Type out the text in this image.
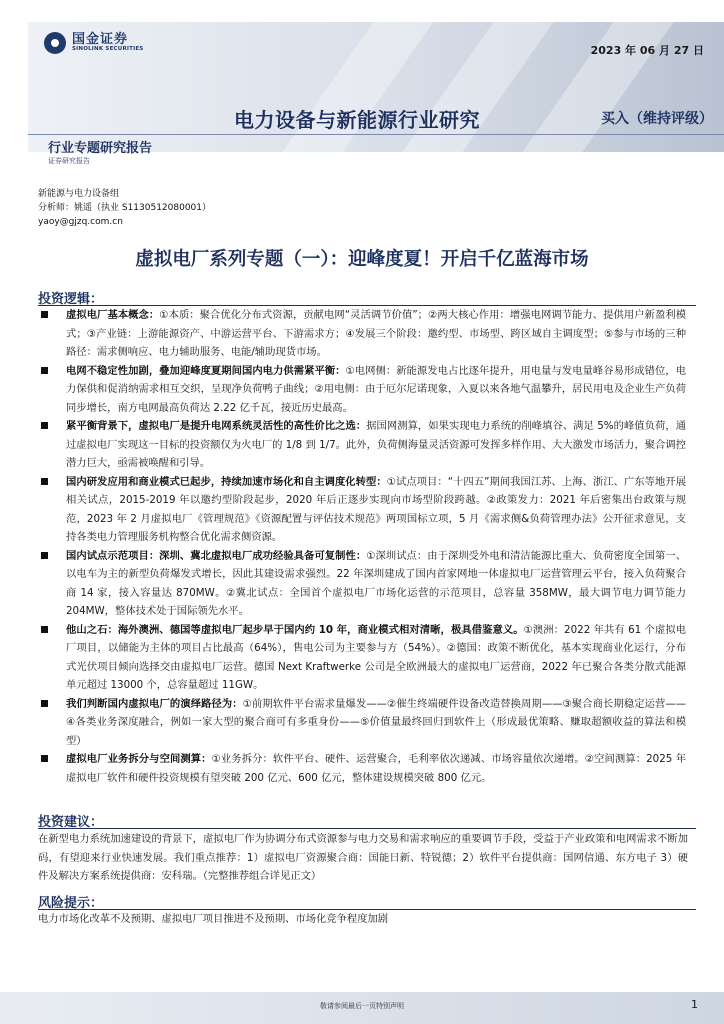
国金证券
SINOLINK SECURITIES	2023 年 06 月 27 日
电力设备与新能源行业研究	买入（维持评级）
行业专题研究报告
证券研究报告
新能源与电力设备组
分析师：姚遥（执业 S1130512080001）
yaoy@gjzq.com.cn
虚拟电厂系列专题（一）：迎峰度夏！开启千亿蓝海市场
投资逻辑：

虚拟电厂基本概念：①本质：聚合优化分布式资源，贡献电网“灵活调节价值”；②两大核心作用：增强电网调节能力、提供用户新盈利模式；③产业链：上游能源资产、中游运营平台、下游需求方；④发展三个阶段：邀约型、市场型、跨区域自主调度型；⑤参与市场的三种路径：需求侧响应、电力辅助服务、电能/辅助现货市场。

电网不稳定性加剧，叠加迎峰度夏期间国内电力供需紧平衡：①电网侧：新能源发电占比逐年提升，用电量与发电量峰谷易形成错位，电力保供和促消纳需求相互交织，呈现净负荷鸭子曲线；②用电侧：由于厄尔尼诺现象，入夏以来各地气温攀升，居民用电及企业生产负荷同步增长，南方电网最高负荷达 2.22 亿千瓦，接近历史最高。

紧平衡背景下，虚拟电厂是提升电网系统灵活性的高性价比之选：据国网测算，如果实现电力系统的削峰填谷、满足 5%的峰值负荷，通过虚拟电厂实现这一目标的投资额仅为火电厂的 1/8 到 1/7。此外，负荷侧海量灵活资源可发挥多样作用、大大激发市场活力，聚合调控潜力巨大，亟需被唤醒和引导。

国内研发应用和商业模式已起步，持续加速市场化和自主调度化转型：①试点项目：“十四五”期间我国江苏、上海、浙江、广东等地开展相关试点，2015-2019 年以邀约型阶段起步，2020 年后正逐步实现向市场型阶段跨越。②政策发力：2021 年后密集出台政策与规范，2023 年 2 月虚拟电厂《管理规范》《资源配置与评估技术规范》两项国标立项，5 月《需求侧&负荷管理办法》公开征求意见，支持各类电力管理服务机构整合优化需求侧资源。

国内试点示范项目：深圳、冀北虚拟电厂成功经验具备可复制性：①深圳试点：由于深圳受外电和清洁能源比重大、负荷密度全国第一、以电车为主的新型负荷爆发式增长，因此其建设需求强烈。22 年深圳建成了国内首家网地一体虚拟电厂运营管理云平台，接入负荷聚合商 14 家，接入容量达 870MW。②冀北试点：全国首个虚拟电厂市场化运营的示范项目，总容量 358MW，最大调节电力调节能力 204MW，整体技术处于国际领先水平。

他山之石：海外澳洲、德国等虚拟电厂起步早于国内约 10 年，商业模式相对清晰，极具借鉴意义。①澳洲：2022 年共有 61 个虚拟电厂项目，以储能为主体的项目占比最高（64%），售电公司为主要参与方（54%）。②德国：政策不断优化，基本实现商业化运行，分布式光伏项目倾向选择交由虚拟电厂运营。德国 Next Kraftwerke 公司是全欧洲最大的虚拟电厂运营商，2022 年已聚合各类分散式能源单元超过 13000 个，总容量超过 11GW。

我们判断国内虚拟电厂的演绎路径为：①前期软件平台需求量爆发——②催生终端硬件设备改造替换周期——③聚合商长期稳定运营——④各类业务深度融合，例如一家大型的聚合商可有多重身份——⑤价值量最终回归到软件上（形成最优策略、赚取超额收益的算法和模型）

虚拟电厂业务拆分与空间测算：①业务拆分：软件平台、硬件、运营聚合，毛利率依次递减、市场容量依次递增。②空间测算：2025 年虚拟电厂软件和硬件投资规模有望突破 200 亿元、600 亿元，整体建设规模突破 800 亿元。

投资建议：

在新型电力系统加速建设的背景下，虚拟电厂作为协调分布式资源参与电力交易和需求响应的重要调节手段，受益于产业政策和电网需求不断加码，有望迎来行业快速发展。我们重点推荐：1）虚拟电厂资源聚合商：国能日新、特锐德；2）软件平台提供商：国网信通、东方电子 3）硬件及解决方案系统提供商：安科瑞。（完整推荐组合详见正文）

风险提示：

电力市场化改革不及预期、虚拟电厂项目推进不及预期、市场化竞争程度加剧

敬请参阅最后一页特别声明	1
